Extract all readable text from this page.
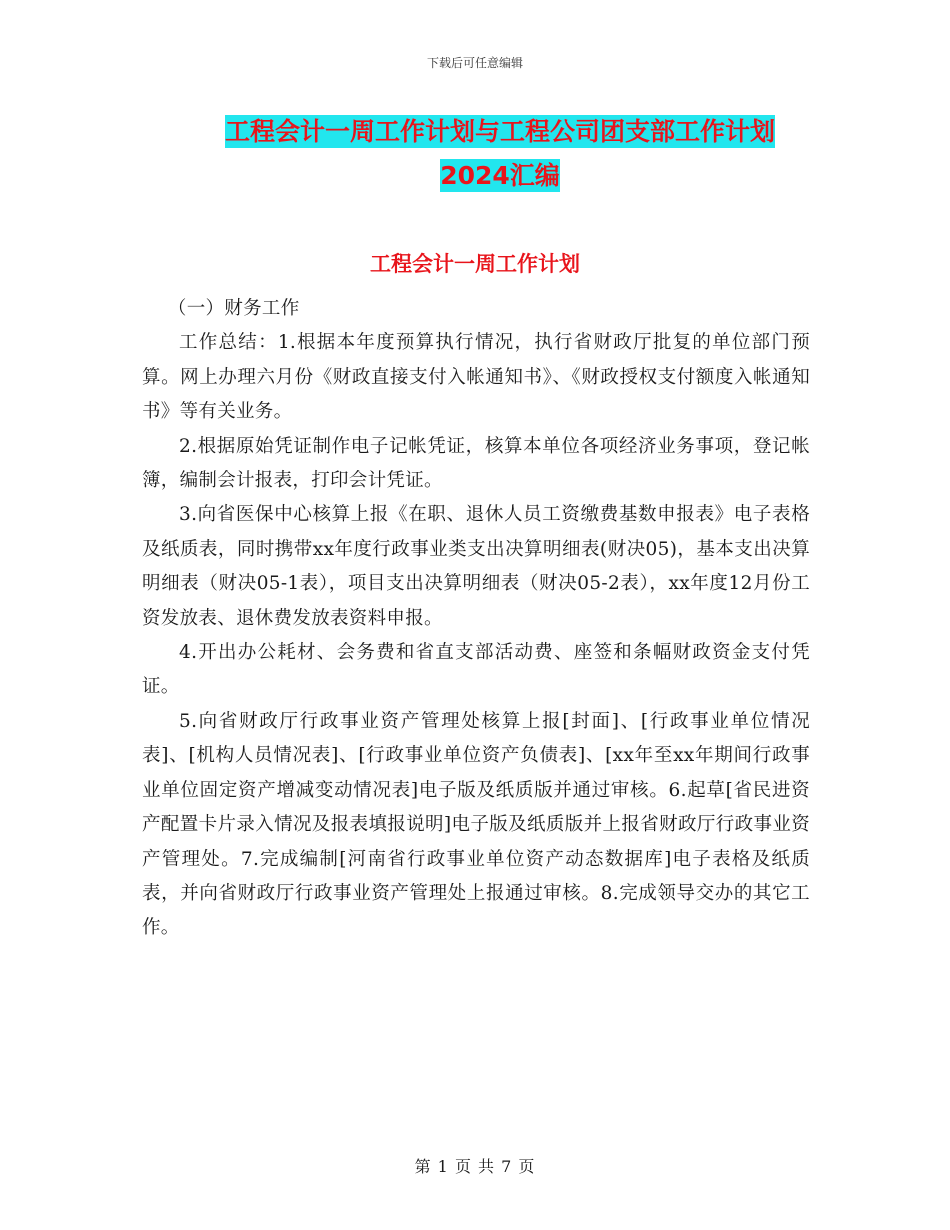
下载后可任意编辑
工程会计一周工作计划与工程公司团支部工作计划
2024汇编
工程会计一周工作计划

（一）财务工作

工作总结：1.根据本年度预算执行情况，执行省财政厅批复的单位部门预算。网上办理六月份《财政直接支付入帐通知书》、《财政授权支付额度入帐通知书》等有关业务。

2.根据原始凭证制作电子记帐凭证，核算本单位各项经济业务事项，登记帐簿，编制会计报表，打印会计凭证。

3.向省医保中心核算上报《在职、退休人员工资缴费基数申报表》电子表格及纸质表，同时携带xx年度行政事业类支出决算明细表(财决05)，基本支出决算明细表（财决05-1表），项目支出决算明细表（财决05-2表），xx年度12月份工资发放表、退休费发放表资料申报。

4.开出办公耗材、会务费和省直支部活动费、座签和条幅财政资金支付凭证。

5.向省财政厅行政事业资产管理处核算上报[封面]、[行政事业单位情况表]、[机构人员情况表]、[行政事业单位资产负债表]、[xx年至xx年期间行政事业单位固定资产增减变动情况表]电子版及纸质版并通过审核。6.起草[省民进资产配置卡片录入情况及报表填报说明]电子版及纸质版并上报省财政厅行政事业资产管理处。7.完成编制[河南省行政事业单位资产动态数据库]电子表格及纸质表，并向省财政厅行政事业资产管理处上报通过审核。8.完成领导交办的其它工作。

第 1 页 共 7 页
